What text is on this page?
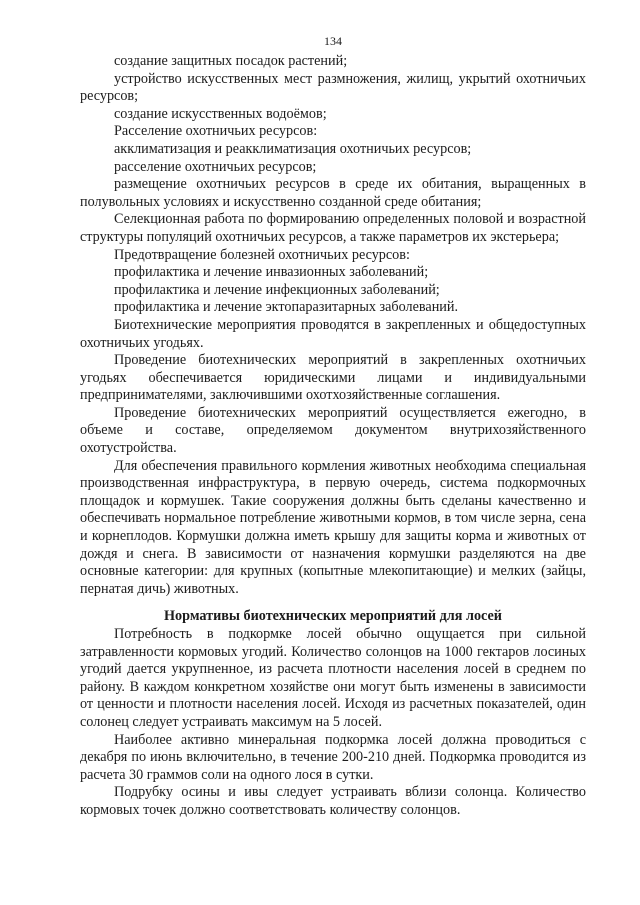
134

создание защитных посадок растений;

устройство искусственных мест размножения, жилищ, укрытий охотничьих ресурсов;

создание искусственных водоёмов;

Расселение охотничьих ресурсов:

акклиматизация и реакклиматизация охотничьих ресурсов;

расселение охотничьих ресурсов;

размещение охотничьих ресурсов в среде их обитания, выращенных в полувольных условиях и искусственно созданной среде обитания;

Селекционная работа по формированию определенных половой и возрастной структуры популяций охотничьих ресурсов, а также параметров их экстерьера;

Предотвращение болезней охотничьих ресурсов:

профилактика и лечение инвазионных заболеваний;

профилактика и лечение инфекционных заболеваний;

профилактика и лечение эктопаразитарных заболеваний.

Биотехнические мероприятия проводятся в закрепленных и общедоступных охотничьих угодьях.

Проведение биотехнических мероприятий в закрепленных охотничьих угодьях обеспечивается юридическими лицами и индивидуальными предпринимателями, заключившими охотхозяйственные соглашения.

Проведение биотехнических мероприятий осуществляется ежегодно, в объеме и составе, определяемом документом внутрихозяйственного охотустройства.

Для обеспечения правильного кормления животных необходима специальная производственная инфраструктура, в первую очередь, система подкормочных площадок и кормушек. Такие сооружения должны быть сделаны качественно и обеспечивать нормальное потребление животными кормов, в том числе зерна, сена и корнеплодов. Кормушки должна иметь крышу для защиты корма и животных от дождя и снега. В зависимости от назначения кормушки разделяются на две основные категории: для крупных (копытные млекопитающие) и мелких (зайцы, пернатая дичь) животных.

Нормативы биотехнических мероприятий для лосей

Потребность в подкормке лосей обычно ощущается при сильной затравленности кормовых угодий. Количество солонцов на 1000 гектаров лосиных угодий дается укрупненное, из расчета плотности населения лосей в среднем по району. В каждом конкретном хозяйстве они могут быть изменены в зависимости от ценности и плотности населения лосей. Исходя из расчетных показателей, один солонец следует устраивать максимум на 5 лосей.

Наиболее активно минеральная подкормка лосей должна проводиться с декабря по июнь включительно, в течение 200-210 дней. Подкормка проводится из расчета 30 граммов соли на одного лося в сутки.

Подрубку осины и ивы следует устраивать вблизи солонца. Количество кормовых точек должно соответствовать количеству солонцов.
